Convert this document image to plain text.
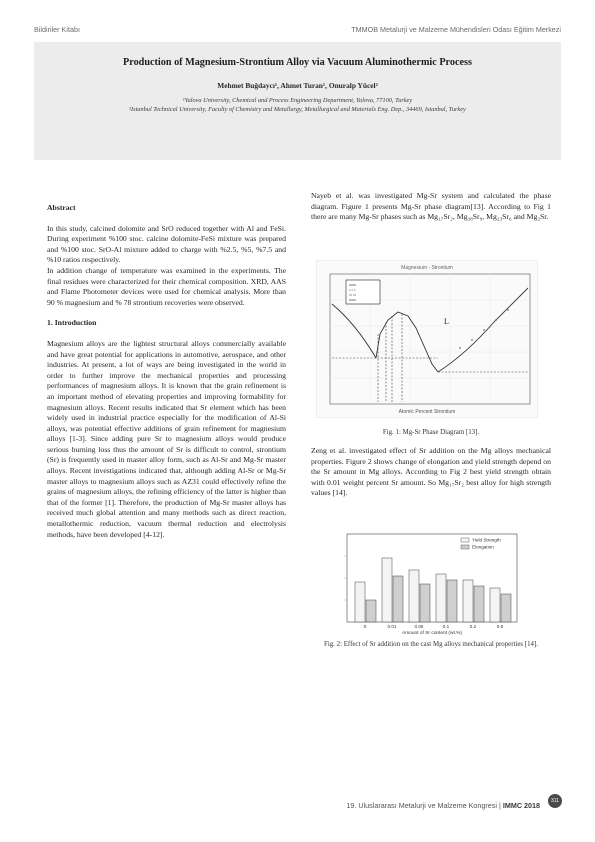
Bildiriler Kitabı	TMMOB Metalurji ve Malzeme Mühendisleri Odası Eğitim Merkezi
Production of Magnesium-Strontium Alloy via Vacuum Aluminothermic Process
Mehmet Buğdaycı¹, Ahmet Turan¹, Onuralp Yücel²
¹Yalova University, Chemical and Process Engineering Department, Yalova, 77100, Turkey
²Istanbul Technical University, Faculty of Chemistry and Metallurgy, Metallurgical and Materials Eng. Dep., 34469, Istanbul, Turkey
Abstract

In this study, calcined dolomite and SrO reduced together with Al and FeSi. During experiment %100 stoc. calcine dolomite-FeSi mixture was prepared and %100 stoc. SrO-Al mixture added to charge with %2.5, %5, %7.5 and %10 ratios respectively.

In addition change of temperature was examined in the experiments. The final residues were characterized for their chemical composition. XRD, AAS and Flame Photometer devices were used for chemical analysis. More than 90 % magnesium and % 78 strontium recoveries were observed.

1. Introduction

Magnesium alloys are the lightest structural alloys commercially available and have great potential for applications in automotive, aerospace, and other industries. At present, a lot of ways are being investigated in the world in order to further improve the mechanical properties and processing performances of magnesium alloys. It is known that the grain refinement is an important method of elevating properties and improving formability for magnesium alloys. Recent results indicated that Sr element which has been widely used in industrial practice especially for the modification of Al-Si alloys, was potential effective additions of grain refinement for magnesium alloys [1-3]. Since adding pure Sr to magnesium alloys would produce serious burning loss thus the amount of Sr is difficult to control, strontium (Sr) is frequently used in master alloy form, such as Al-Sr and Mg-Sr master alloys. Recent investigations indicated that, although adding Al-Sr or Mg-Sr master alloys to magnesium alloys such as AZ31 could effectively refine the grains of magnesium alloys, the refining efficiency of the latter is higher than that of the former [1]. Therefore, the production of Mg-Sr master alloys has received much global attention and many methods such as direct reaction, metallothermic reduction, vacuum thermal reduction and electrolysis methods, have been developed [4-12].

Nayeb et al. was investigated Mg-Sr system and calculated the phase diagram. Figure 1 presents Mg-Sr phase diagram[13]. According to Fig 1 there are many Mg-Sr phases such as Mg₁₇Sr₂, Mg₃₈Sr₉, Mg₂₃Sr₆ and Mg₂Sr.

Magnesium - Strontium
L
Atomic Percent Strontium
Fig. 1: Mg-Sr Phase Diagram [13].

Zeng et al. investigated effect of Sr addition on the Mg alloys mechanical properties. Figure 2 shows change of elongation and yield strength depend on the Sr amount in Mg alloys. According to Fig 2 best yield strength obtain with 0.01 weight percent Sr amount. So Mg₁₇Sr₂ best alloy for high strength values [14].

Yield Strength
Elongation
0	0.01	0.05	0.1	0.2	0.5
Amount of Sr content (wt.%)
Fig. 2: Effect of Sr addition on the cast Mg alloys mechanical properties [14].
19. Uluslararası Metalurji ve Malzeme Kongresi | IMMC 2018	311
